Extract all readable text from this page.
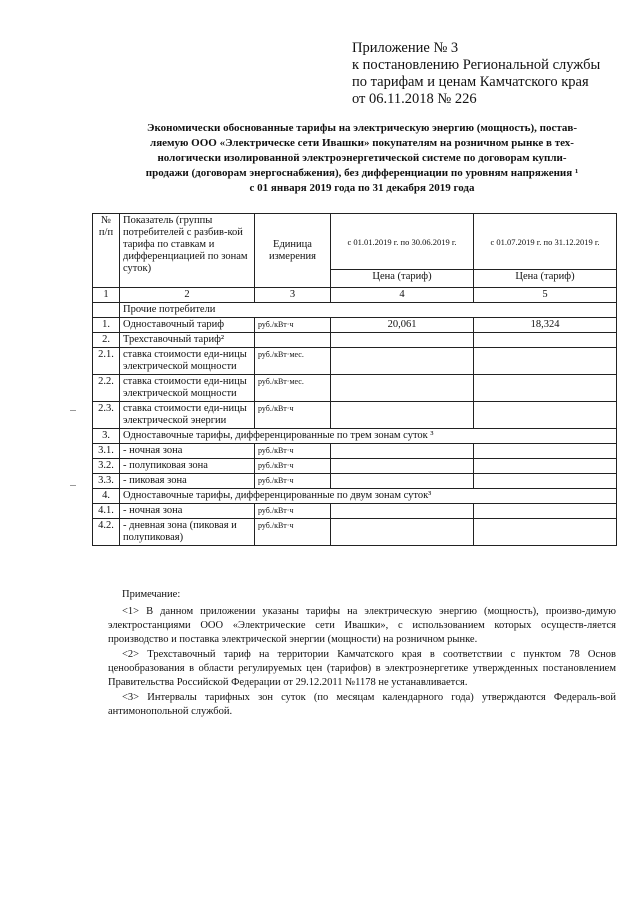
Приложение № 3
к постановлению Региональной службы
по тарифам и ценам Камчатского края
от 06.11.2018 № 226
Экономически обоснованные тарифы на электрическую энергию (мощность), постав-
ляемую ООО «Электрическе сети Ивашки» покупателям на розничном рынке в тех-
нологически изолированной электроэнергетической системе по договорам купли-
продажи (договорам энергоснабжения), без дифференциации по уровням напряжения ¹
с 01 января 2019 года по 31 декабря 2019 года
№ п/п	Показатель (группы потребителей с разбив-кой тарифа по ставкам и дифференциацией по зонам суток)	Единица измерения	с 01.01.2019 г. по 30.06.2019 г.	с 01.07.2019 г. по 31.12.2019 г.
			Цена (тариф)	Цена (тариф)
1	2	3	4	5
	Прочие потребители			
1.	Одноставочный тариф	руб./кВт·ч	20,061	18,324
2.	Трехставочный тариф²			
2.1.	ставка стоимости еди-ницы электрической мощности	руб./кВт·мес.		
2.2.	ставка стоимости еди-ницы электрической мощности	руб./кВт·мес.		
2.3.	ставка стоимости еди-ницы электрической энергии	руб./кВт·ч		
3.	Одноставочные тарифы, дифференцированные по трем зонам суток ³			
3.1.	- ночная зона	руб./кВт·ч		
3.2.	- полупиковая зона	руб./кВт·ч		
3.3.	- пиковая зона	руб./кВт·ч		
4.	Одноставочные тарифы, дифференцированные по двум зонам суток³			
4.1.	- ночная зона	руб./кВт·ч		
4.2.	- дневная зона (пиковая и полупиковая)	руб./кВт·ч		

Примечание:

<1> В данном приложении указаны тарифы на электрическую энергию (мощность), произво-димую электростанциями ООО «Электрические сети Ивашки», с использованием которых осуществ-ляется производство и поставка электрической энергии (мощности) на розничном рынке.

<2> Трехставочный тариф на территории Камчатского края в соответствии с пунктом 78 Основ ценообразования в области регулируемых цен (тарифов) в электроэнергетике утвержденных постановлением Правительства Российской Федерации от 29.12.2011 №1178 не устанавливается.

<3> Интервалы тарифных зон суток (по месяцам календарного года) утверждаются Федераль-вой антимонопольной службой.
